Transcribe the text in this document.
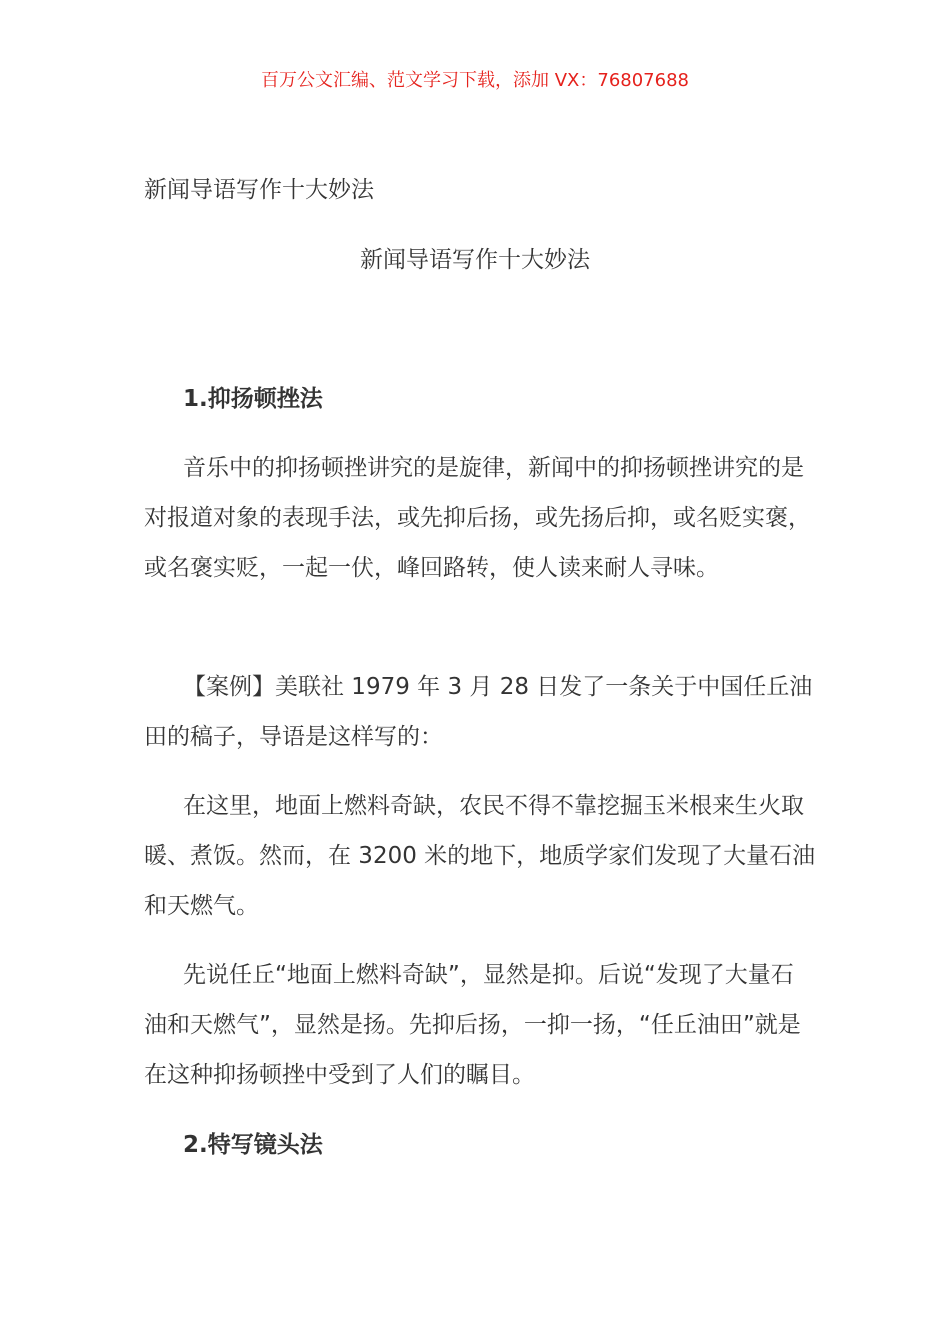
百万公文汇编、范文学习下载，添加 VX：76807688
新闻导语写作十大妙法
新闻导语写作十大妙法
1.抑扬顿挫法

音乐中的抑扬顿挫讲究的是旋律，新闻中的抑扬顿挫讲究的是对报道对象的表现手法，或先抑后扬，或先扬后抑，或名贬实褒，或名褒实贬，一起一伏，峰回路转，使人读来耐人寻味。

【案例】美联社 1979 年 3 月 28 日发了一条关于中国任丘油田的稿子，导语是这样写的：

在这里，地面上燃料奇缺，农民不得不靠挖掘玉米根来生火取暖、煮饭。然而，在 3200 米的地下，地质学家们发现了大量石油和天燃气。

先说任丘“地面上燃料奇缺”，显然是抑。后说“发现了大量石油和天燃气”，显然是扬。先抑后扬，一抑一扬，“任丘油田”就是在这种抑扬顿挫中受到了人们的瞩目。

2.特写镜头法
